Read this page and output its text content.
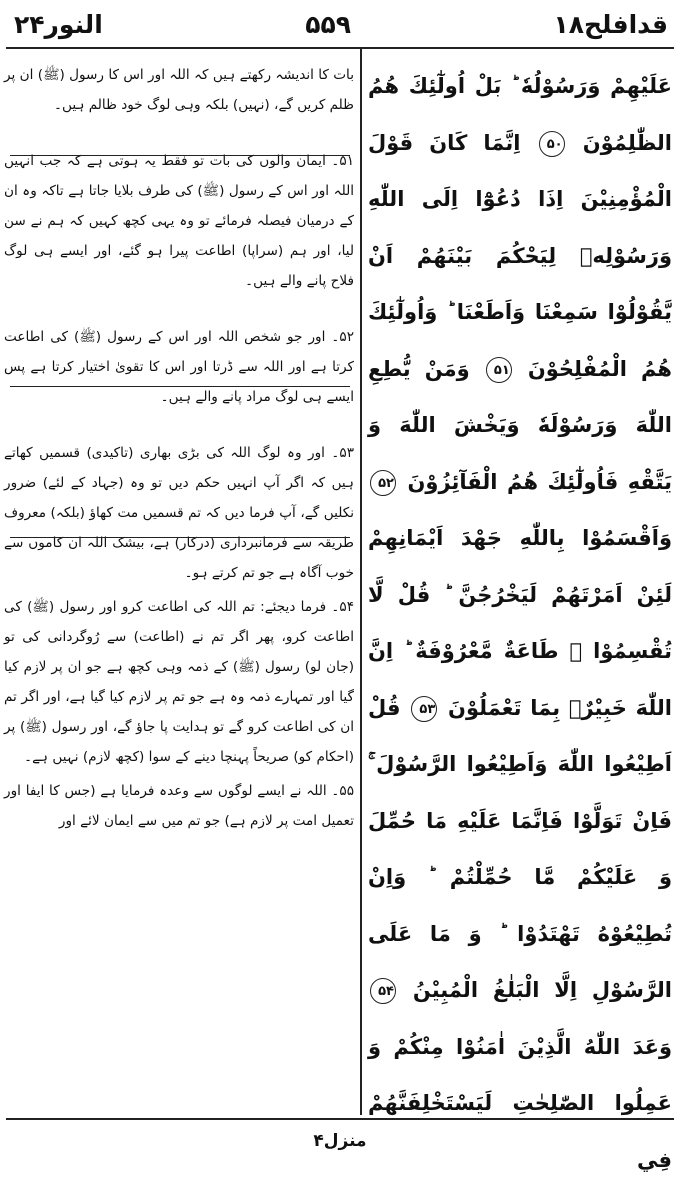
النور۲۴	۵۵۹	قدافلح۱۸
عَلَيْهِمْ وَرَسُوْلُهٗ ؕ بَلْ اُولٰٓئِكَ هُمُ الظّٰلِمُوْنَ ۵۰ اِنَّمَا كَانَ قَوْلَ الْمُؤْمِنِيْنَ اِذَا دُعُوْٓا اِلَى اللّٰهِ وَرَسُوْلِهٖ لِيَحْكُمَ بَيْنَهُمْ اَنْ يَّقُوْلُوْا سَمِعْنَا وَاَطَعْنَا ؕ وَاُولٰٓئِكَ هُمُ الْمُفْلِحُوْنَ ۵۱ وَمَنْ يُّطِعِ اللّٰهَ وَرَسُوْلَهٗ وَيَخْشَ اللّٰهَ وَ يَتَّقْهِ فَاُولٰٓئِكَ هُمُ الْفَآئِزُوْنَ ۵۲ وَاَقْسَمُوْا بِاللّٰهِ جَهْدَ اَيْمَانِهِمْ لَئِنْ اَمَرْتَهُمْ لَيَخْرُجُنَّ ؕ قُلْ لَّا تُقْسِمُوْا ۚ طَاعَةٌ مَّعْرُوْفَةٌ ؕ اِنَّ اللّٰهَ خَبِيْرٌۢ بِمَا تَعْمَلُوْنَ ۵۳ قُلْ اَطِيْعُوا اللّٰهَ وَاَطِيْعُوا الرَّسُوْلَ ۚ فَاِنْ تَوَلَّوْا فَاِنَّمَا عَلَيْهِ مَا حُمِّلَ وَ عَلَيْكُمْ مَّا حُمِّلْتُمْ ؕ وَاِنْ تُطِيْعُوْهُ تَهْتَدُوْا ؕ وَ مَا عَلَى الرَّسُوْلِ اِلَّا الْبَلٰغُ الْمُبِيْنُ ۵۴ وَعَدَ اللّٰهُ الَّذِيْنَ اٰمَنُوْا مِنْكُمْ وَ عَمِلُوا الصّٰلِحٰتِ لَيَسْتَخْلِفَنَّهُمْ فِي

بات کا اندیشہ رکھتے ہیں کہ اللہ اور اس کا رسول (ﷺ) ان پر ظلم کریں گے، (نہیں) بلکہ وہی لوگ خود ظالم ہیں۔

۵۱۔ ایمان والوں کی بات تو فقط یہ ہوتی ہے کہ جب انہیں اللہ اور اس کے رسول (ﷺ) کی طرف بلایا جاتا ہے تاکہ وہ ان کے درمیان فیصلہ فرمائے تو وہ یہی کچھ کہیں کہ ہم نے سن لیا، اور ہم (سراپا) اطاعت پیرا ہو گئے، اور ایسے ہی لوگ فلاح پانے والے ہیں۔

۵۲۔ اور جو شخص اللہ اور اس کے رسول (ﷺ) کی اطاعت کرتا ہے اور اللہ سے ڈرتا اور اس کا تقویٰ اختیار کرتا ہے پس ایسے ہی لوگ مراد پانے والے ہیں۔

۵۳۔ اور وہ لوگ اللہ کی بڑی بھاری (تاکیدی) قسمیں کھاتے ہیں کہ اگر آپ انہیں حکم دیں تو وہ (جہاد کے لئے) ضرور نکلیں گے، آپ فرما دیں کہ تم قسمیں مت کھاؤ (بلکہ) معروف طریقہ سے فرمانبرداری (درکار) ہے، بیشک اللہ ان کاموں سے خوب آگاہ ہے جو تم کرتے ہو۔

۵۴۔ فرما دیجئے: تم اللہ کی اطاعت کرو اور رسول (ﷺ) کی اطاعت کرو، پھر اگر تم نے (اطاعت) سے رُوگردانی کی تو (جان لو) رسول (ﷺ) کے ذمہ وہی کچھ ہے جو ان پر لازم کیا گیا اور تمہارے ذمہ وہ ہے جو تم پر لازم کیا گیا ہے، اور اگر تم ان کی اطاعت کرو گے تو ہدایت پا جاؤ گے، اور رسول (ﷺ) پر (احکام کو) صریحاً پہنچا دینے کے سوا (کچھ لازم) نہیں ہے۔

۵۵۔ اللہ نے ایسے لوگوں سے وعدہ فرمایا ہے (جس کا ایفا اور تعمیل امت پر لازم ہے) جو تم میں سے ایمان لائے اور

منزل۴
